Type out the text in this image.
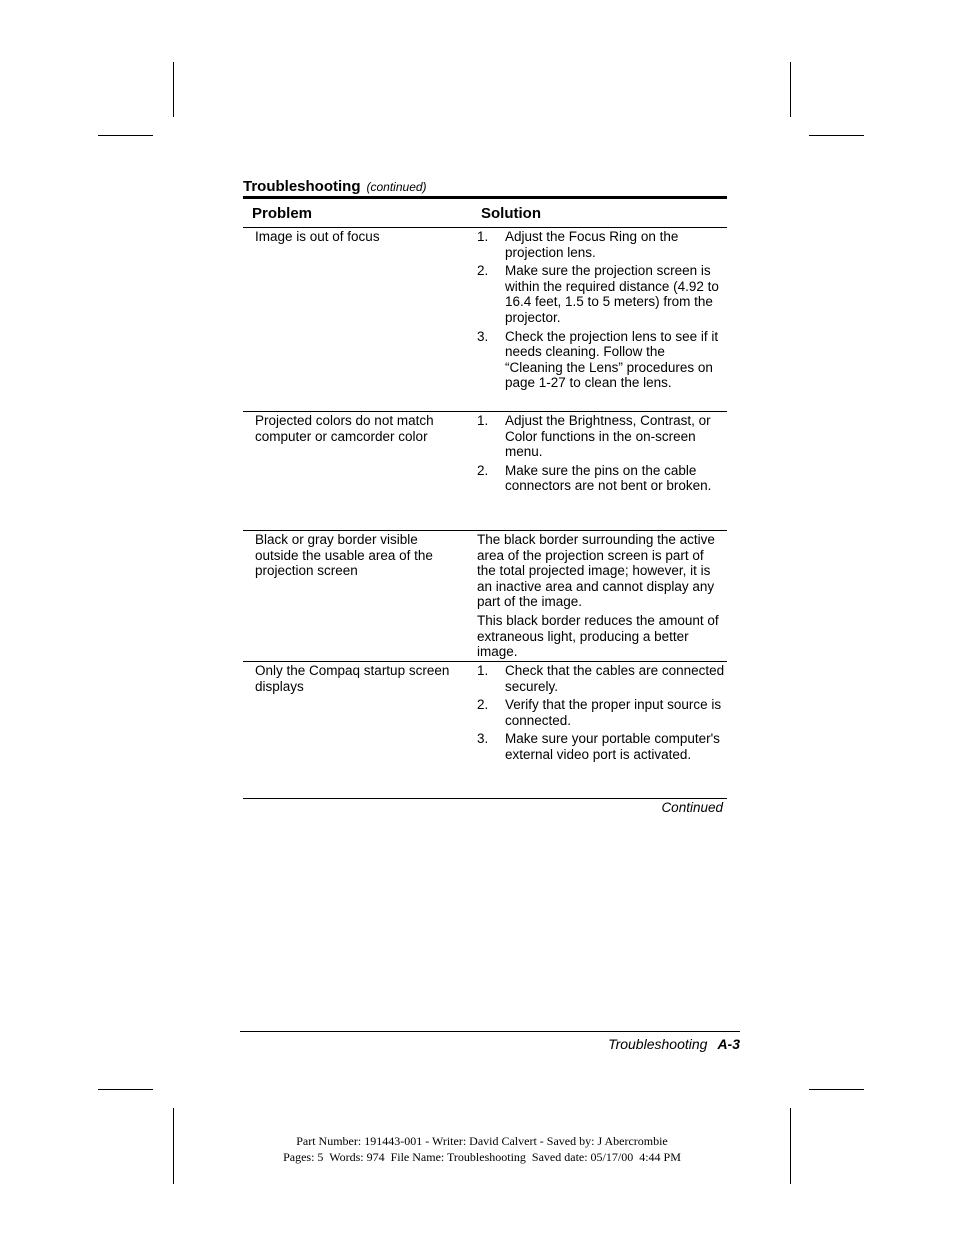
Troubleshooting (continued)
Problem	Solution
Image is out of focus	1. Adjust the Focus Ring on the projection lens.
2. Make sure the projection screen is within the required distance (4.92 to 16.4 feet, 1.5 to 5 meters) from the projector.
3. Check the projection lens to see if it needs cleaning. Follow the “Cleaning the Lens” procedures on page 1-27 to clean the lens.
Projected colors do not match computer or camcorder color
1. Adjust the Brightness, Contrast, or Color functions in the on-screen menu.
2. Make sure the pins on the cable connectors are not bent or broken.
Black or gray border visible outside the usable area of the projection screen
The black border surrounding the active area of the projection screen is part of the total projected image; however, it is an inactive area and cannot display any part of the image.
This black border reduces the amount of extraneous light, producing a better image.
Only the Compaq startup screen displays
1. Check that the cables are connected securely.
2. Verify that the proper input source is connected.
3. Make sure your portable computer's external video port is activated.
Continued
Troubleshooting A-3
Part Number: 191443-001 - Writer: David Calvert - Saved by: J Abercrombie
Pages: 5  Words: 974  File Name: Troubleshooting  Saved date: 05/17/00  4:44 PM
